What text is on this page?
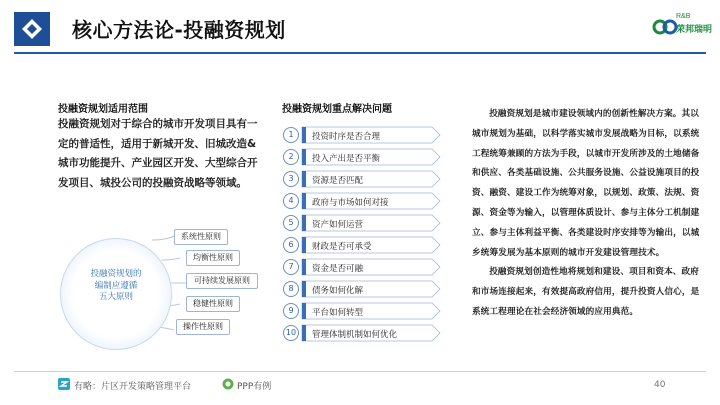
核心方法论-投融资规划
R&B
荣邦瑞明
投融资规划适用范围
投融资规划对于综合的城市开发项目具有一定的普适性，适用于新城开发、旧城改造&城市功能提升、产业园区开发、大型综合开发项目、城投公司的投融资战略等领域。
投融资规划的
编制应遵循
五大原则
系统性原则
均衡性原则
可持续发展原则
稳健性原则
操作性原则
投融资规划重点解决问题
1	投资时序是否合理
2	投入产出是否平衡
3	资源是否匹配
4	政府与市场如何对接
5	资产如何运营
6	财政是否可承受
7	资金是否可融
8	债务如何化解
9	平台如何转型
10	管理体制机制如何优化

投融资规划是城市建设领域内的创新性解决方案。其以城市规划为基础，以科学落实城市发展战略为目标，以系统工程统筹兼顾的方法为手段，以城市开发所涉及的土地储备和供应、各类基础设施、公共服务设施、公益设施项目的投资、融资、建设工作为统筹对象，以规划、政策、法规、资源、资金等为输入，以管理体质设计、参与主体分工机制建立、参与主体利益平衡、各类建设时序安排等为输出，以城乡统筹发展为基本原则的城市开发建设管理技术。

投融资规划创造性地将规划和建设、项目和资本、政府和市场连接起来，有效提高政府信用，提升投资人信心，是系统工程理论在社会经济领域的应用典范。

有略：片区开发策略管理平台	PPP有例	40
